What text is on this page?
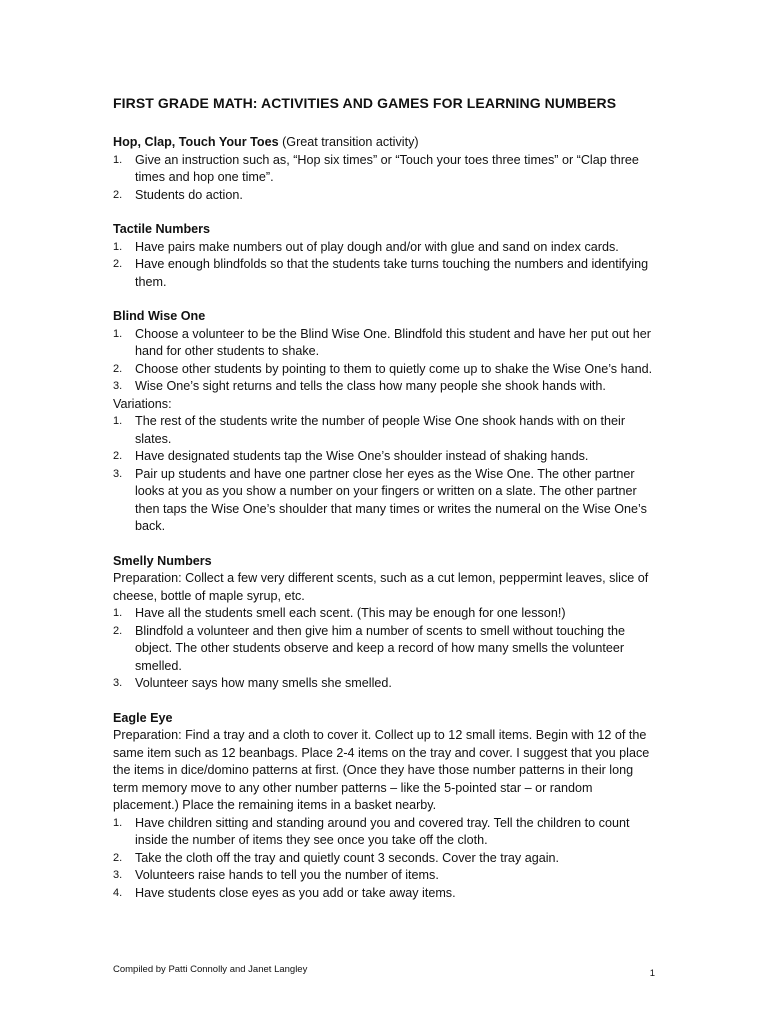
FIRST GRADE MATH: ACTIVITIES AND GAMES FOR LEARNING NUMBERS
Hop, Clap, Touch Your Toes (Great transition activity)
1. Give an instruction such as, “Hop six times” or “Touch your toes three times” or “Clap three times and hop one time”.
2. Students do action.
Tactile Numbers
1. Have pairs make numbers out of play dough and/or with glue and sand on index cards.
2. Have enough blindfolds so that the students take turns touching the numbers and identifying them.
Blind Wise One
1. Choose a volunteer to be the Blind Wise One. Blindfold this student and have her put out her hand for other students to shake.
2. Choose other students by pointing to them to quietly come up to shake the Wise One’s hand.
3. Wise One’s sight returns and tells the class how many people she shook hands with.
Variations:
1. The rest of the students write the number of people Wise One shook hands with on their slates.
2. Have designated students tap the Wise One’s shoulder instead of shaking hands.
3. Pair up students and have one partner close her eyes as the Wise One. The other partner looks at you as you show a number on your fingers or written on a slate. The other partner then taps the Wise One’s shoulder that many times or writes the numeral on the Wise One’s back.
Smelly Numbers
Preparation: Collect a few very different scents, such as a cut lemon, peppermint leaves, slice of cheese, bottle of maple syrup, etc.
1. Have all the students smell each scent. (This may be enough for one lesson!)
2. Blindfold a volunteer and then give him a number of scents to smell without touching the object. The other students observe and keep a record of how many smells the volunteer smelled.
3. Volunteer says how many smells she smelled.
Eagle Eye
Preparation: Find a tray and a cloth to cover it. Collect up to 12 small items. Begin with 12 of the same item such as 12 beanbags. Place 2-4 items on the tray and cover. I suggest that you place the items in dice/domino patterns at first. (Once they have those number patterns in their long term memory move to any other number patterns – like the 5-pointed star – or random placement.) Place the remaining items in a basket nearby.
1. Have children sitting and standing around you and covered tray. Tell the children to count inside the number of items they see once you take off the cloth.
2. Take the cloth off the tray and quietly count 3 seconds. Cover the tray again.
3. Volunteers raise hands to tell you the number of items.
4. Have students close eyes as you add or take away items.
Compiled by Patti Connolly and Janet Langley	1
